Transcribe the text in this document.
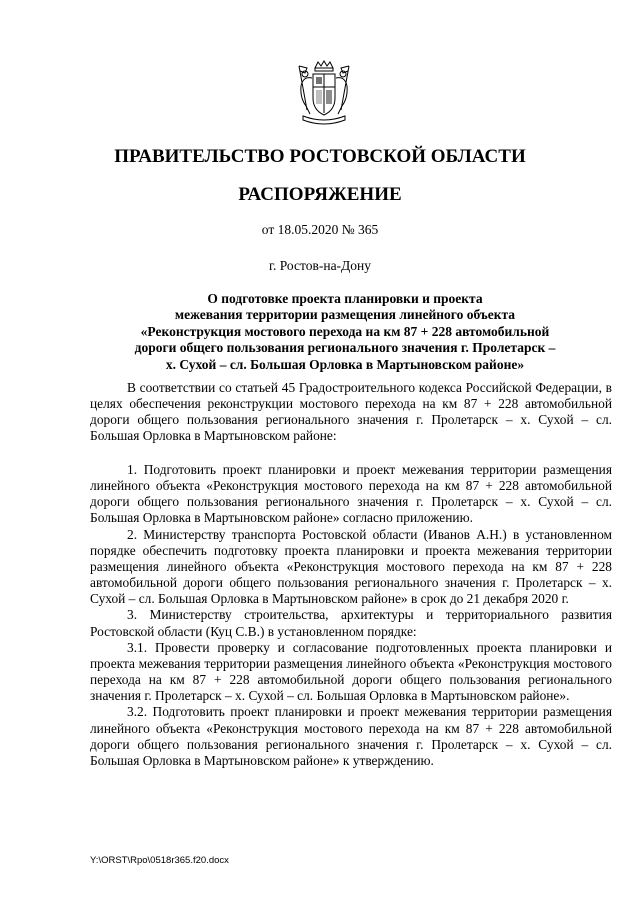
ПРАВИТЕЛЬСТВО РОСТОВСКОЙ ОБЛАСТИ
РАСПОРЯЖЕНИЕ
от 18.05.2020 № 365
г. Ростов-на-Дону
О подготовке проекта планировки и проекта
межевания территории размещения линейного объекта
«Реконструкция мостового перехода на км 87 + 228 автомобильной
дороги общего пользования регионального значения г. Пролетарск –
х. Сухой – сл. Большая Орловка в Мартыновском районе»

В соответствии со статьей 45 Градостроительного кодекса Российской Федерации, в целях обеспечения реконструкции мостового перехода на км 87 + 228 автомобильной дороги общего пользования регионального значения г. Пролетарск – х. Сухой – сл. Большая Орловка в Мартыновском районе:

1. Подготовить проект планировки и проект межевания территории размещения линейного объекта «Реконструкция мостового перехода на км 87 + 228 автомобильной дороги общего пользования регионального значения г. Пролетарск – х. Сухой – сл. Большая Орловка в Мартыновском районе» согласно приложению.

2. Министерству транспорта Ростовской области (Иванов А.Н.) в установленном порядке обеспечить подготовку проекта планировки и проекта межевания территории размещения линейного объекта «Реконструкция мостового перехода на км 87 + 228 автомобильной дороги общего пользования регионального значения г. Пролетарск – х. Сухой – сл. Большая Орловка в Мартыновском районе» в срок до 21 декабря 2020 г.

3. Министерству строительства, архитектуры и территориального развития Ростовской области (Куц С.В.) в установленном порядке:

3.1. Провести проверку и согласование подготовленных проекта планировки и проекта межевания территории размещения линейного объекта «Реконструкция мостового перехода на км 87 + 228 автомобильной дороги общего пользования регионального значения г. Пролетарск – х. Сухой – сл. Большая Орловка в Мартыновском районе».

3.2. Подготовить проект планировки и проект межевания территории размещения линейного объекта «Реконструкция мостового перехода на км 87 + 228 автомобильной дороги общего пользования регионального значения г. Пролетарск – х. Сухой – сл. Большая Орловка в Мартыновском районе» к утверждению.

Y:\ORST\Rpo\0518r365.f20.docx
